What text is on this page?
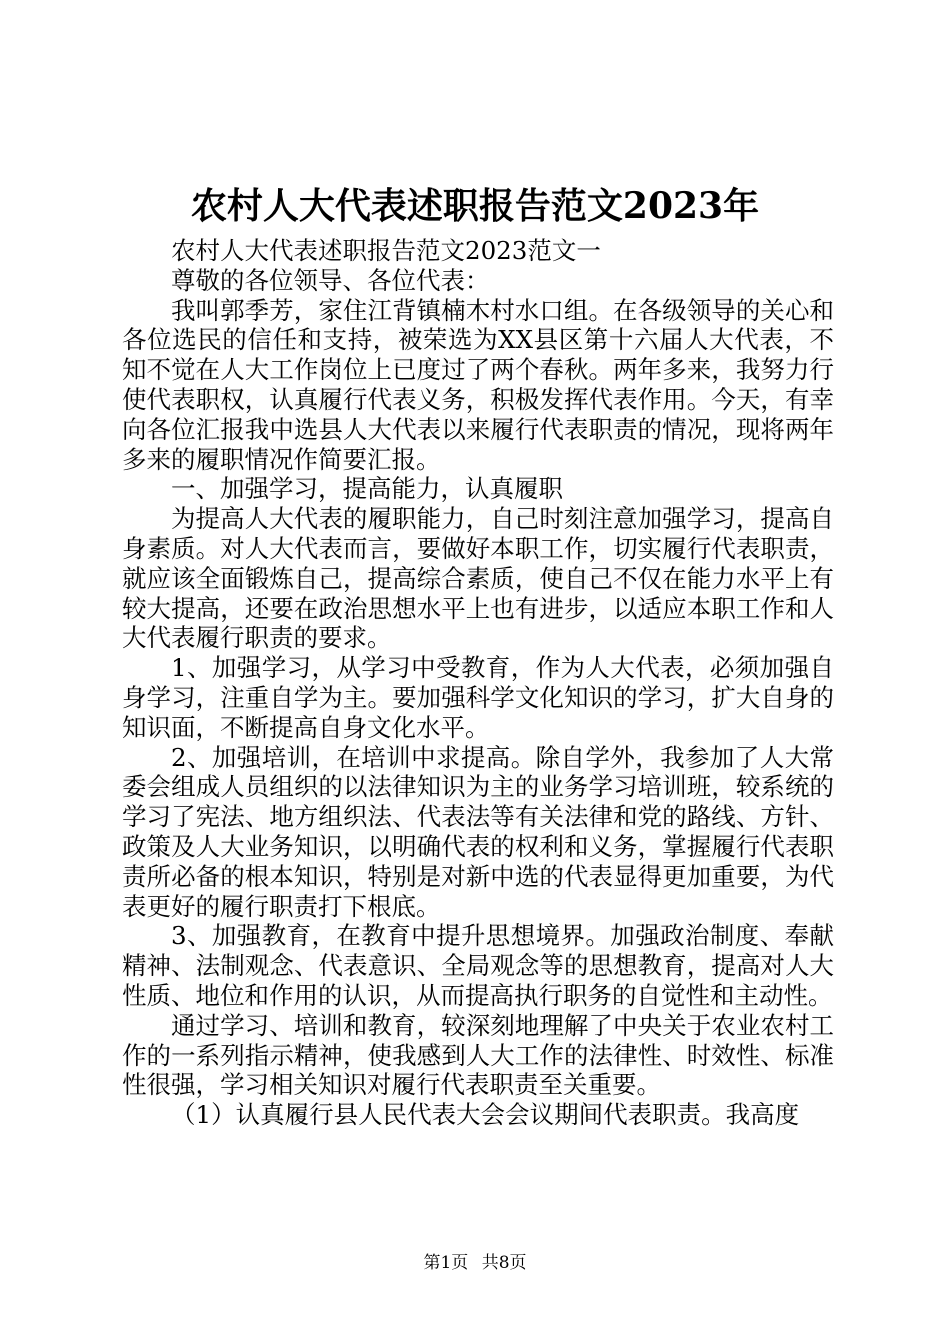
农村人大代表述职报告范文2023年

农村人大代表述职报告范文2023范文一

尊敬的各位领导、各位代表：

我叫郭季芳，家住江背镇楠木村水口组。在各级领导的关心和各位选民的信任和支持，被荣选为XX县区第十六届人大代表，不知不觉在人大工作岗位上已度过了两个春秋。两年多来，我努力行使代表职权，认真履行代表义务，积极发挥代表作用。今天，有幸向各位汇报我中选县人大代表以来履行代表职责的情况，现将两年多来的履职情况作简要汇报。

一、加强学习，提高能力，认真履职

为提高人大代表的履职能力，自己时刻注意加强学习，提高自身素质。对人大代表而言，要做好本职工作，切实履行代表职责，就应该全面锻炼自己，提高综合素质，使自己不仅在能力水平上有较大提高，还要在政治思想水平上也有进步，以适应本职工作和人大代表履行职责的要求。

1、加强学习，从学习中受教育，作为人大代表，必须加强自身学习，注重自学为主。要加强科学文化知识的学习，扩大自身的知识面，不断提高自身文化水平。

2、加强培训，在培训中求提高。除自学外，我参加了人大常委会组成人员组织的以法律知识为主的业务学习培训班，较系统的学习了宪法、地方组织法、代表法等有关法律和党的路线、方针、政策及人大业务知识，以明确代表的权利和义务，掌握履行代表职责所必备的根本知识，特别是对新中选的代表显得更加重要，为代表更好的履行职责打下根底。

3、加强教育，在教育中提升思想境界。加强政治制度、奉献精神、法制观念、代表意识、全局观念等的思想教育，提高对人大性质、地位和作用的认识，从而提高执行职务的自觉性和主动性。

通过学习、培训和教育，较深刻地理解了中央关于农业农村工作的一系列指示精神，使我感到人大工作的法律性、时效性、标准性很强，学习相关知识对履行代表职责至关重要。

（1）认真履行县人民代表大会会议期间代表职责。我高度

第1页 共8页
